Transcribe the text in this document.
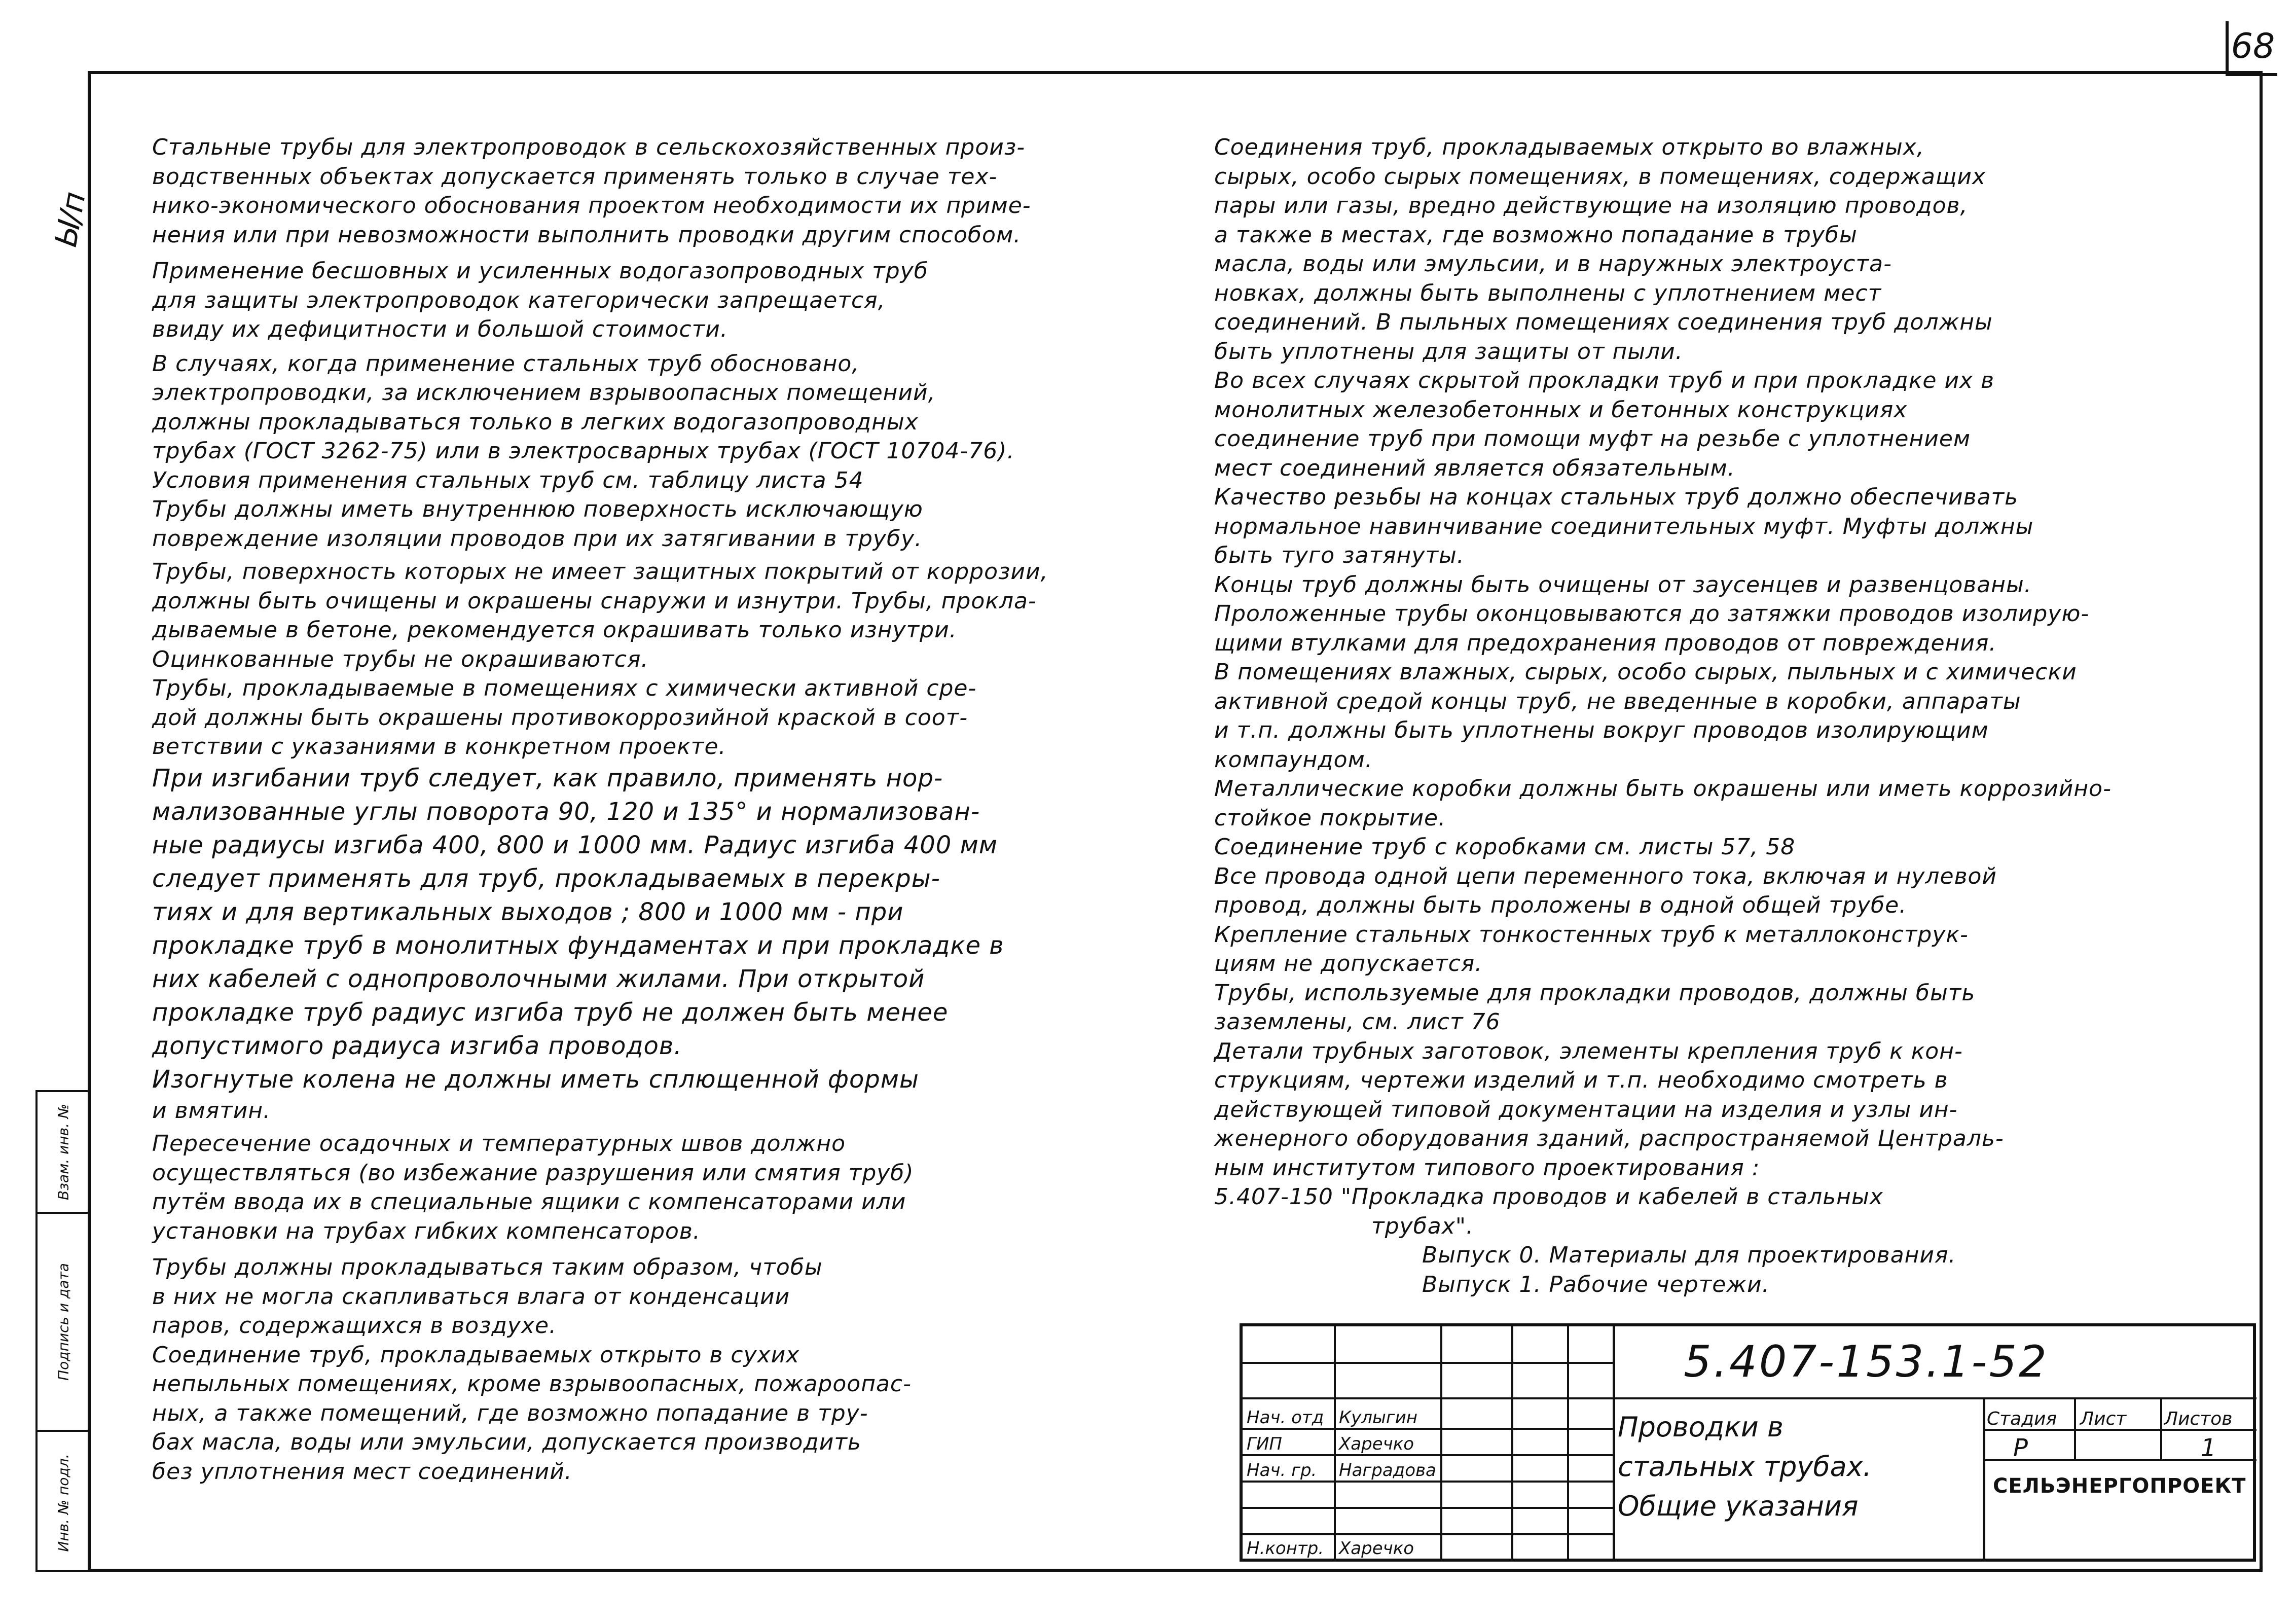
68
Ы/п
Взам. инв. №
Подпись и дата
Инв. № подл.

Стальные трубы для электропроводок в сельскохозяйственных произ-

водственных объектах допускается применять только в случае тех-

нико-экономического обоснования проектом необходимости их приме-

нения или при невозможности выполнить проводки другим способом.

Применение бесшовных и усиленных водогазопроводных труб

для защиты электропроводок категорически запрещается,

ввиду их дефицитности и большой стоимости.

В случаях, когда применение стальных труб обосновано,

электропроводки, за исключением взрывоопасных помещений,

должны прокладываться только в легких водогазопроводных

трубах (ГОСТ 3262-75) или в электросварных трубах (ГОСТ 10704-76).

Условия применения стальных труб см. таблицу листа 54

Трубы должны иметь внутреннюю поверхность исключающую

повреждение изоляции проводов при их затягивании в трубу.

Трубы, поверхность которых не имеет защитных покрытий от коррозии,

должны быть очищены и окрашены снаружи и изнутри. Трубы, прокла-

дываемые в бетоне, рекомендуется окрашивать только изнутри.

Оцинкованные трубы не окрашиваются.

Трубы, прокладываемые в помещениях с химически активной сре-

дой должны быть окрашены противокоррозийной краской в соот-

ветствии с указаниями в конкретном проекте.

При изгибании труб следует, как правило, применять нор-

мализованные углы поворота 90, 120 и 135° и нормализован-

ные радиусы изгиба 400, 800 и 1000 мм. Радиус изгиба 400 мм

следует применять для труб, прокладываемых в перекры-

тиях и для вертикальных выходов ; 800 и 1000 мм - при

прокладке труб в монолитных фундаментах и при прокладке в

них кабелей с однопроволочными жилами. При открытой

прокладке труб радиус изгиба труб не должен быть менее

допустимого радиуса изгиба проводов.

Изогнутые колена не должны иметь сплющенной формы

и вмятин.

Пересечение осадочных и температурных швов должно

осуществляться (во избежание разрушения или смятия труб)

путём ввода их в специальные ящики с компенсаторами или

установки на трубах гибких компенсаторов.

Трубы должны прокладываться таким образом, чтобы

в них не могла скапливаться влага от конденсации

паров, содержащихся в воздухе.

Соединение труб, прокладываемых открыто в сухих

непыльных помещениях, кроме взрывоопасных, пожароопас-

ных, а также помещений, где возможно попадание в тру-

бах масла, воды или эмульсии, допускается производить

без уплотнения мест соединений.

Соединения труб, прокладываемых открыто во влажных,

сырых, особо сырых помещениях, в помещениях, содержащих

пары или газы, вредно действующие на изоляцию проводов,

а также в местах, где возможно попадание в трубы

масла, воды или эмульсии, и в наружных электроуста-

новках, должны быть выполнены с уплотнением мест

соединений. В пыльных помещениях соединения труб должны

быть уплотнены для защиты от пыли.

Во всех случаях скрытой прокладки труб и при прокладке их в

монолитных железобетонных и бетонных конструкциях

соединение труб при помощи муфт на резьбе с уплотнением

мест соединений является обязательным.

Качество резьбы на концах стальных труб должно обеспечивать

нормальное навинчивание соединительных муфт. Муфты должны

быть туго затянуты.

Концы труб должны быть очищены от заусенцев и развенцованы.

Проложенные трубы оконцовываются до затяжки проводов изолирую-

щими втулками для предохранения проводов от повреждения.

В помещениях влажных, сырых, особо сырых, пыльных и с химически

активной средой концы труб, не введенные в коробки, аппараты

и т.п. должны быть уплотнены вокруг проводов изолирующим

компаундом.

Металлические коробки должны быть окрашены или иметь коррозийно-

стойкое покрытие.

Соединение труб с коробками см. листы 57, 58

Все провода одной цепи переменного тока, включая и нулевой

провод, должны быть проложены в одной общей трубе.

Крепление стальных тонкостенных труб к металлоконструк-

циям не допускается.

Трубы, используемые для прокладки проводов, должны быть

заземлены, см. лист 76

Детали трубных заготовок, элементы крепления труб к кон-

струкциям, чертежи изделий и т.п. необходимо смотреть в

действующей типовой документации на изделия и узлы ин-

женерного оборудования зданий, распространяемой Централь-

ным институтом типового проектирования :

5.407-150 "Прокладка проводов и кабелей в стальных

трубах".

Выпуск 0. Материалы для проектирования.

Выпуск 1. Рабочие чертежи.

5.407-153.1-52
Нач. отд
ГИП
Нач. гр.
Н.контр.
Кулыгин
Харечко
Наградова
Харечко

Проводки в

стальных трубах.

Общие указания

Стадия Лист Листов
Р	1
СЕЛЬЭНЕРГОПРОЕКТ
